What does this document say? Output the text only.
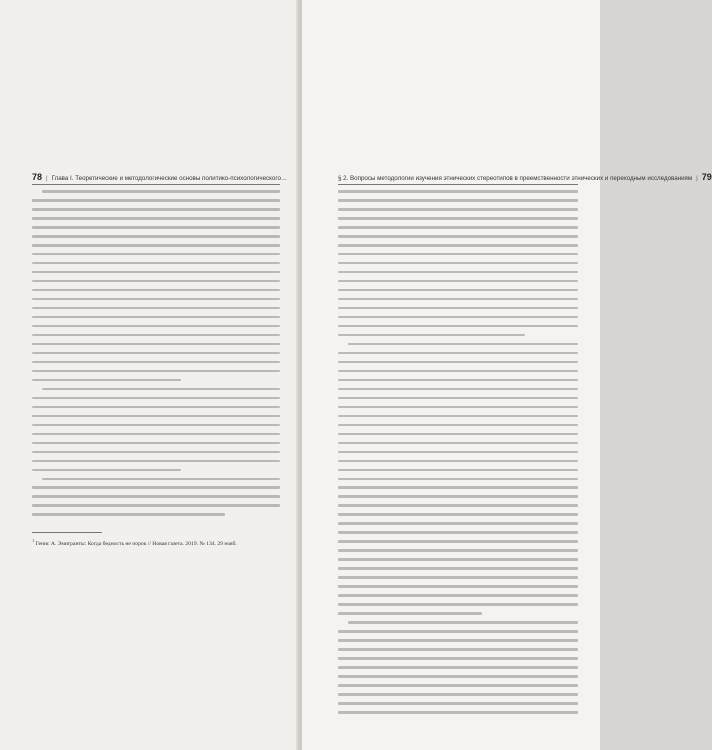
78 | Глава I. Теоретические и методологические основы политико-психологического…
$^1$ Генис А. Эмигранты: Когда бедность не порок // Новая газета. 2019. № 134. 29 нояб.
§ 2. Вопросы методологии изучения этнических стереотипов в преемственности этнических и переходным исследованиям | 79
